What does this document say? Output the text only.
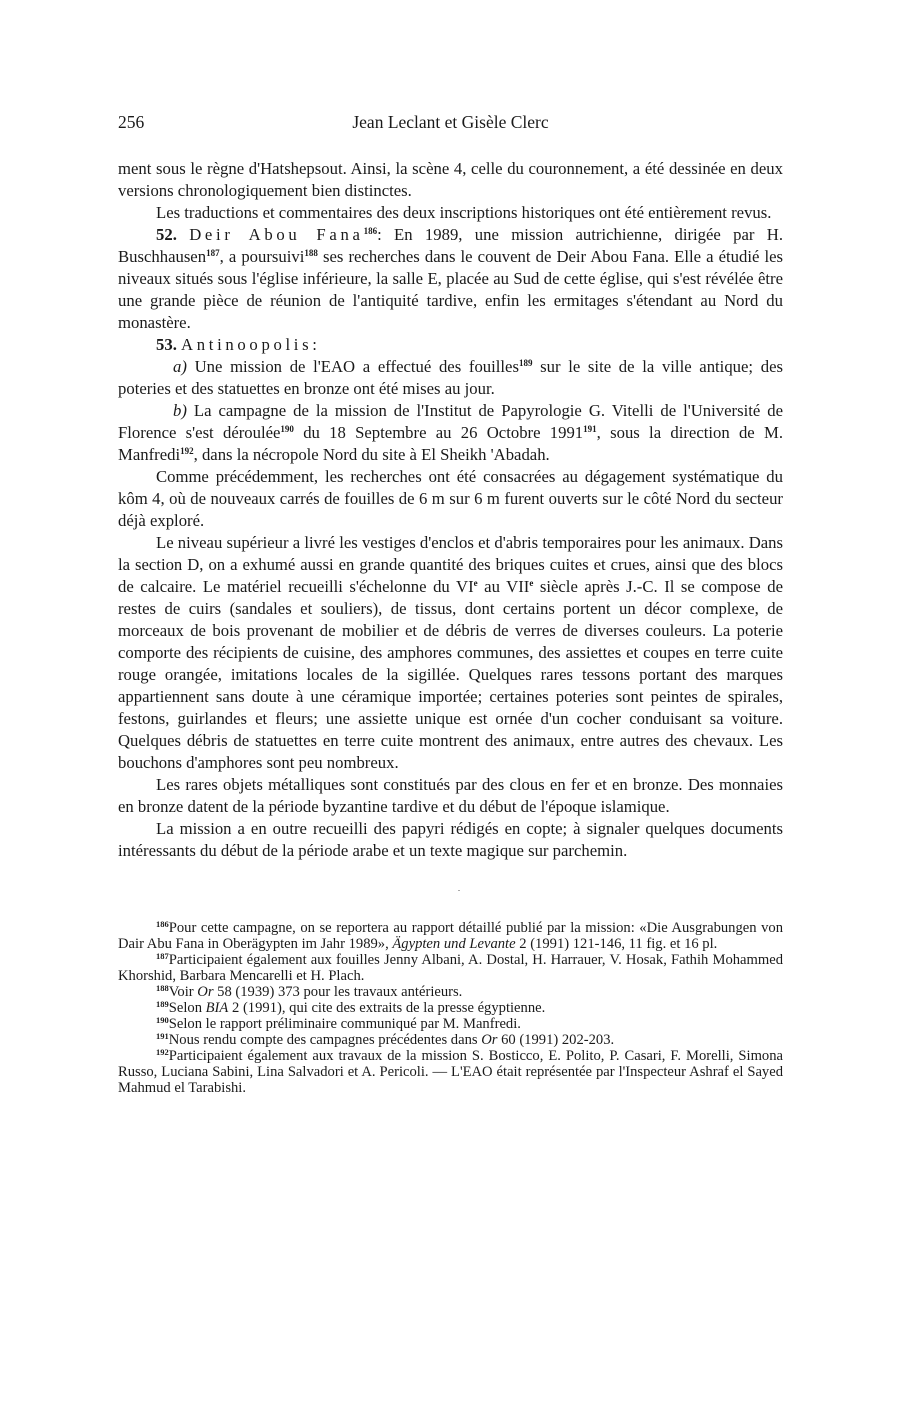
256	Jean Leclant et Gisèle Clerc

ment sous le règne d'Hatshepsout. Ainsi, la scène 4, celle du couronnement, a été dessinée en deux versions chronologiquement bien distinctes.

Les traductions et commentaires des deux inscriptions historiques ont été entièrement revus.

52. Deir Abou Fana$^{186}$: En 1989, une mission autrichienne, dirigée par H. Buschhausen$^{187}$, a poursuivi$^{188}$ ses recherches dans le couvent de Deir Abou Fana. Elle a étudié les niveaux situés sous l'église inférieure, la salle E, placée au Sud de cette église, qui s'est révélée être une grande pièce de réunion de l'antiquité tardive, enfin les ermitages s'étendant au Nord du monastère.

53. Antinoopolis:

a) Une mission de l'EAO a effectué des fouilles$^{189}$ sur le site de la ville antique; des poteries et des statuettes en bronze ont été mises au jour.

b) La campagne de la mission de l'Institut de Papyrologie G. Vitelli de l'Université de Florence s'est déroulée$^{190}$ du 18 Septembre au 26 Octobre 1991$^{191}$, sous la direction de M. Manfredi$^{192}$, dans la nécropole Nord du site à El Sheikh 'Abadah.

Comme précédemment, les recherches ont été consacrées au dégagement systématique du kôm 4, où de nouveaux carrés de fouilles de 6 m sur 6 m furent ouverts sur le côté Nord du secteur déjà exploré.

Le niveau supérieur a livré les vestiges d'enclos et d'abris temporaires pour les animaux. Dans la section D, on a exhumé aussi en grande quantité des briques cuites et crues, ainsi que des blocs de calcaire. Le matériel recueilli s'échelonne du VIe au VIIe siècle après J.-C. Il se compose de restes de cuirs (sandales et souliers), de tissus, dont certains portent un décor complexe, de morceaux de bois provenant de mobilier et de débris de verres de diverses couleurs. La poterie comporte des récipients de cuisine, des amphores communes, des assiettes et coupes en terre cuite rouge orangée, imitations locales de la sigillée. Quelques rares tessons portant des marques appartiennent sans doute à une céramique importée; certaines poteries sont peintes de spirales, festons, guirlandes et fleurs; une assiette unique est ornée d'un cocher conduisant sa voiture. Quelques débris de statuettes en terre cuite montrent des animaux, entre autres des chevaux. Les bouchons d'amphores sont peu nombreux.

Les rares objets métalliques sont constitués par des clous en fer et en bronze. Des monnaies en bronze datent de la période byzantine tardive et du début de l'époque islamique.

La mission a en outre recueilli des papyri rédigés en copte; à signaler quelques documents intéressants du début de la période arabe et un texte magique sur parchemin.

.

$^{186}$Pour cette campagne, on se reportera au rapport détaillé publié par la mission: «Die Ausgrabungen von Dair Abu Fana in Oberägypten im Jahr 1989», Ägypten und Levante 2 (1991) 121-146, 11 fig. et 16 pl.

$^{187}$Participaient également aux fouilles Jenny Albani, A. Dostal, H. Harrauer, V. Hosak, Fathih Mohammed Khorshid, Barbara Mencarelli et H. Plach.

$^{188}$Voir Or 58 (1939) 373 pour les travaux antérieurs.

$^{189}$Selon BIA 2 (1991), qui cite des extraits de la presse égyptienne.

$^{190}$Selon le rapport préliminaire communiqué par M. Manfredi.

$^{191}$Nous rendu compte des campagnes précédentes dans Or 60 (1991) 202-203.

$^{192}$Participaient également aux travaux de la mission S. Bosticco, E. Polito, P. Casari, F. Morelli, Simona Russo, Luciana Sabini, Lina Salvadori et A. Pericoli. — L'EAO était représentée par l'Inspecteur Ashraf el Sayed Mahmud el Tarabishi.
